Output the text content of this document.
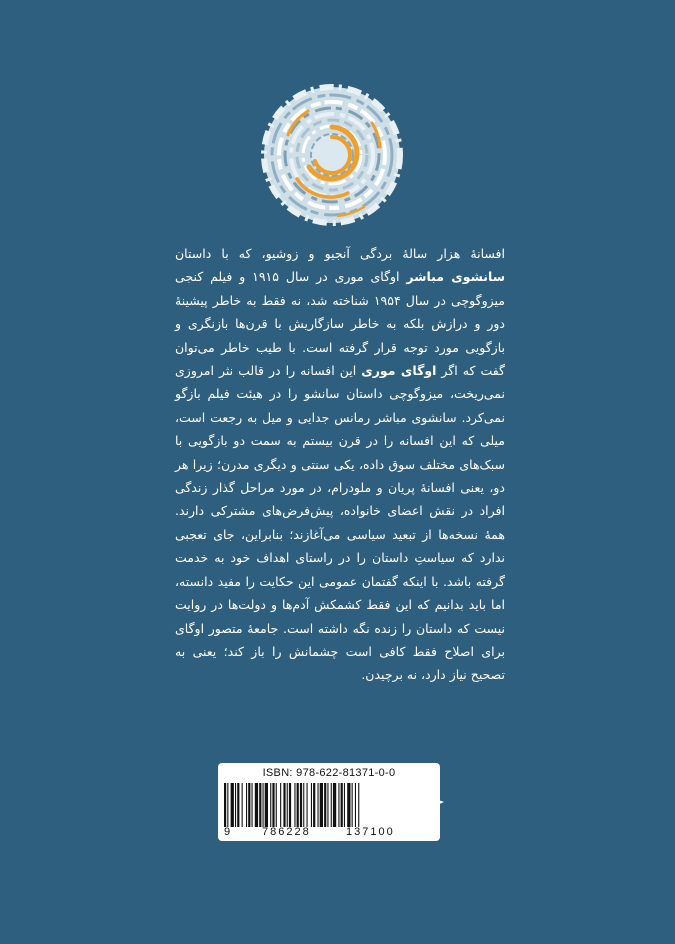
افسانهٔ هزار سالهٔ بردگی آنجیو و زوشیو، که با داستان سانشوی مباشر اوگای موری در سال ۱۹۱۵ و فیلم کنجی میزوگوچی در سال ۱۹۵۴ شناخته شد، نه فقط به خاطر پیشینهٔ دور و درازش بلکه به خاطر سازگاریش با قرن‌ها بازنگری و بازگویی مورد توجه قرار گرفته است. با طیب خاطر می‌توان گفت که اگر اوگای موری این افسانه را در قالب نثر امروزی نمی‌ریخت، میزوگوچی داستان سانشو را در هیئت فیلم بازگو نمی‌کرد. سانشوی مباشر رمانس جدایی و میل به رجعت است، میلی که این افسانه را در قرن بیستم به سمت دو بازگویی با سبک‌های مختلف سوق داده، یکی سنتی و دیگری مدرن؛ زیرا هر دو، یعنی افسانهٔ پریان و ملودرام، در مورد مراحل گذار زندگی افراد در نقش اعضای خانواده، پیش‌فرض‌های مشترکی دارند. همهٔ نسخه‌ها از تبعید سیاسی می‌آغازند؛ بنابراین، جای تعجبی ندارد که سیاستِ داستان را در راستای اهداف خود به خدمت گرفته باشد. با اینکه گفتمان عمومی این حکایت را مفید دانسته، اما باید بدانیم که این فقط کشمکش آدم‌ها و دولت‌ها در روایت نیست که داستان را زنده نگه داشته است. جامعهٔ متصور اوگای برای اصلاح فقط کافی است چشمانش را باز کند؛ یعنی به تصحیح نیاز دارد، نه برچیدن.

ISBN: 978-622-81371-0-0
9	786228	137100 نشر رایبد
